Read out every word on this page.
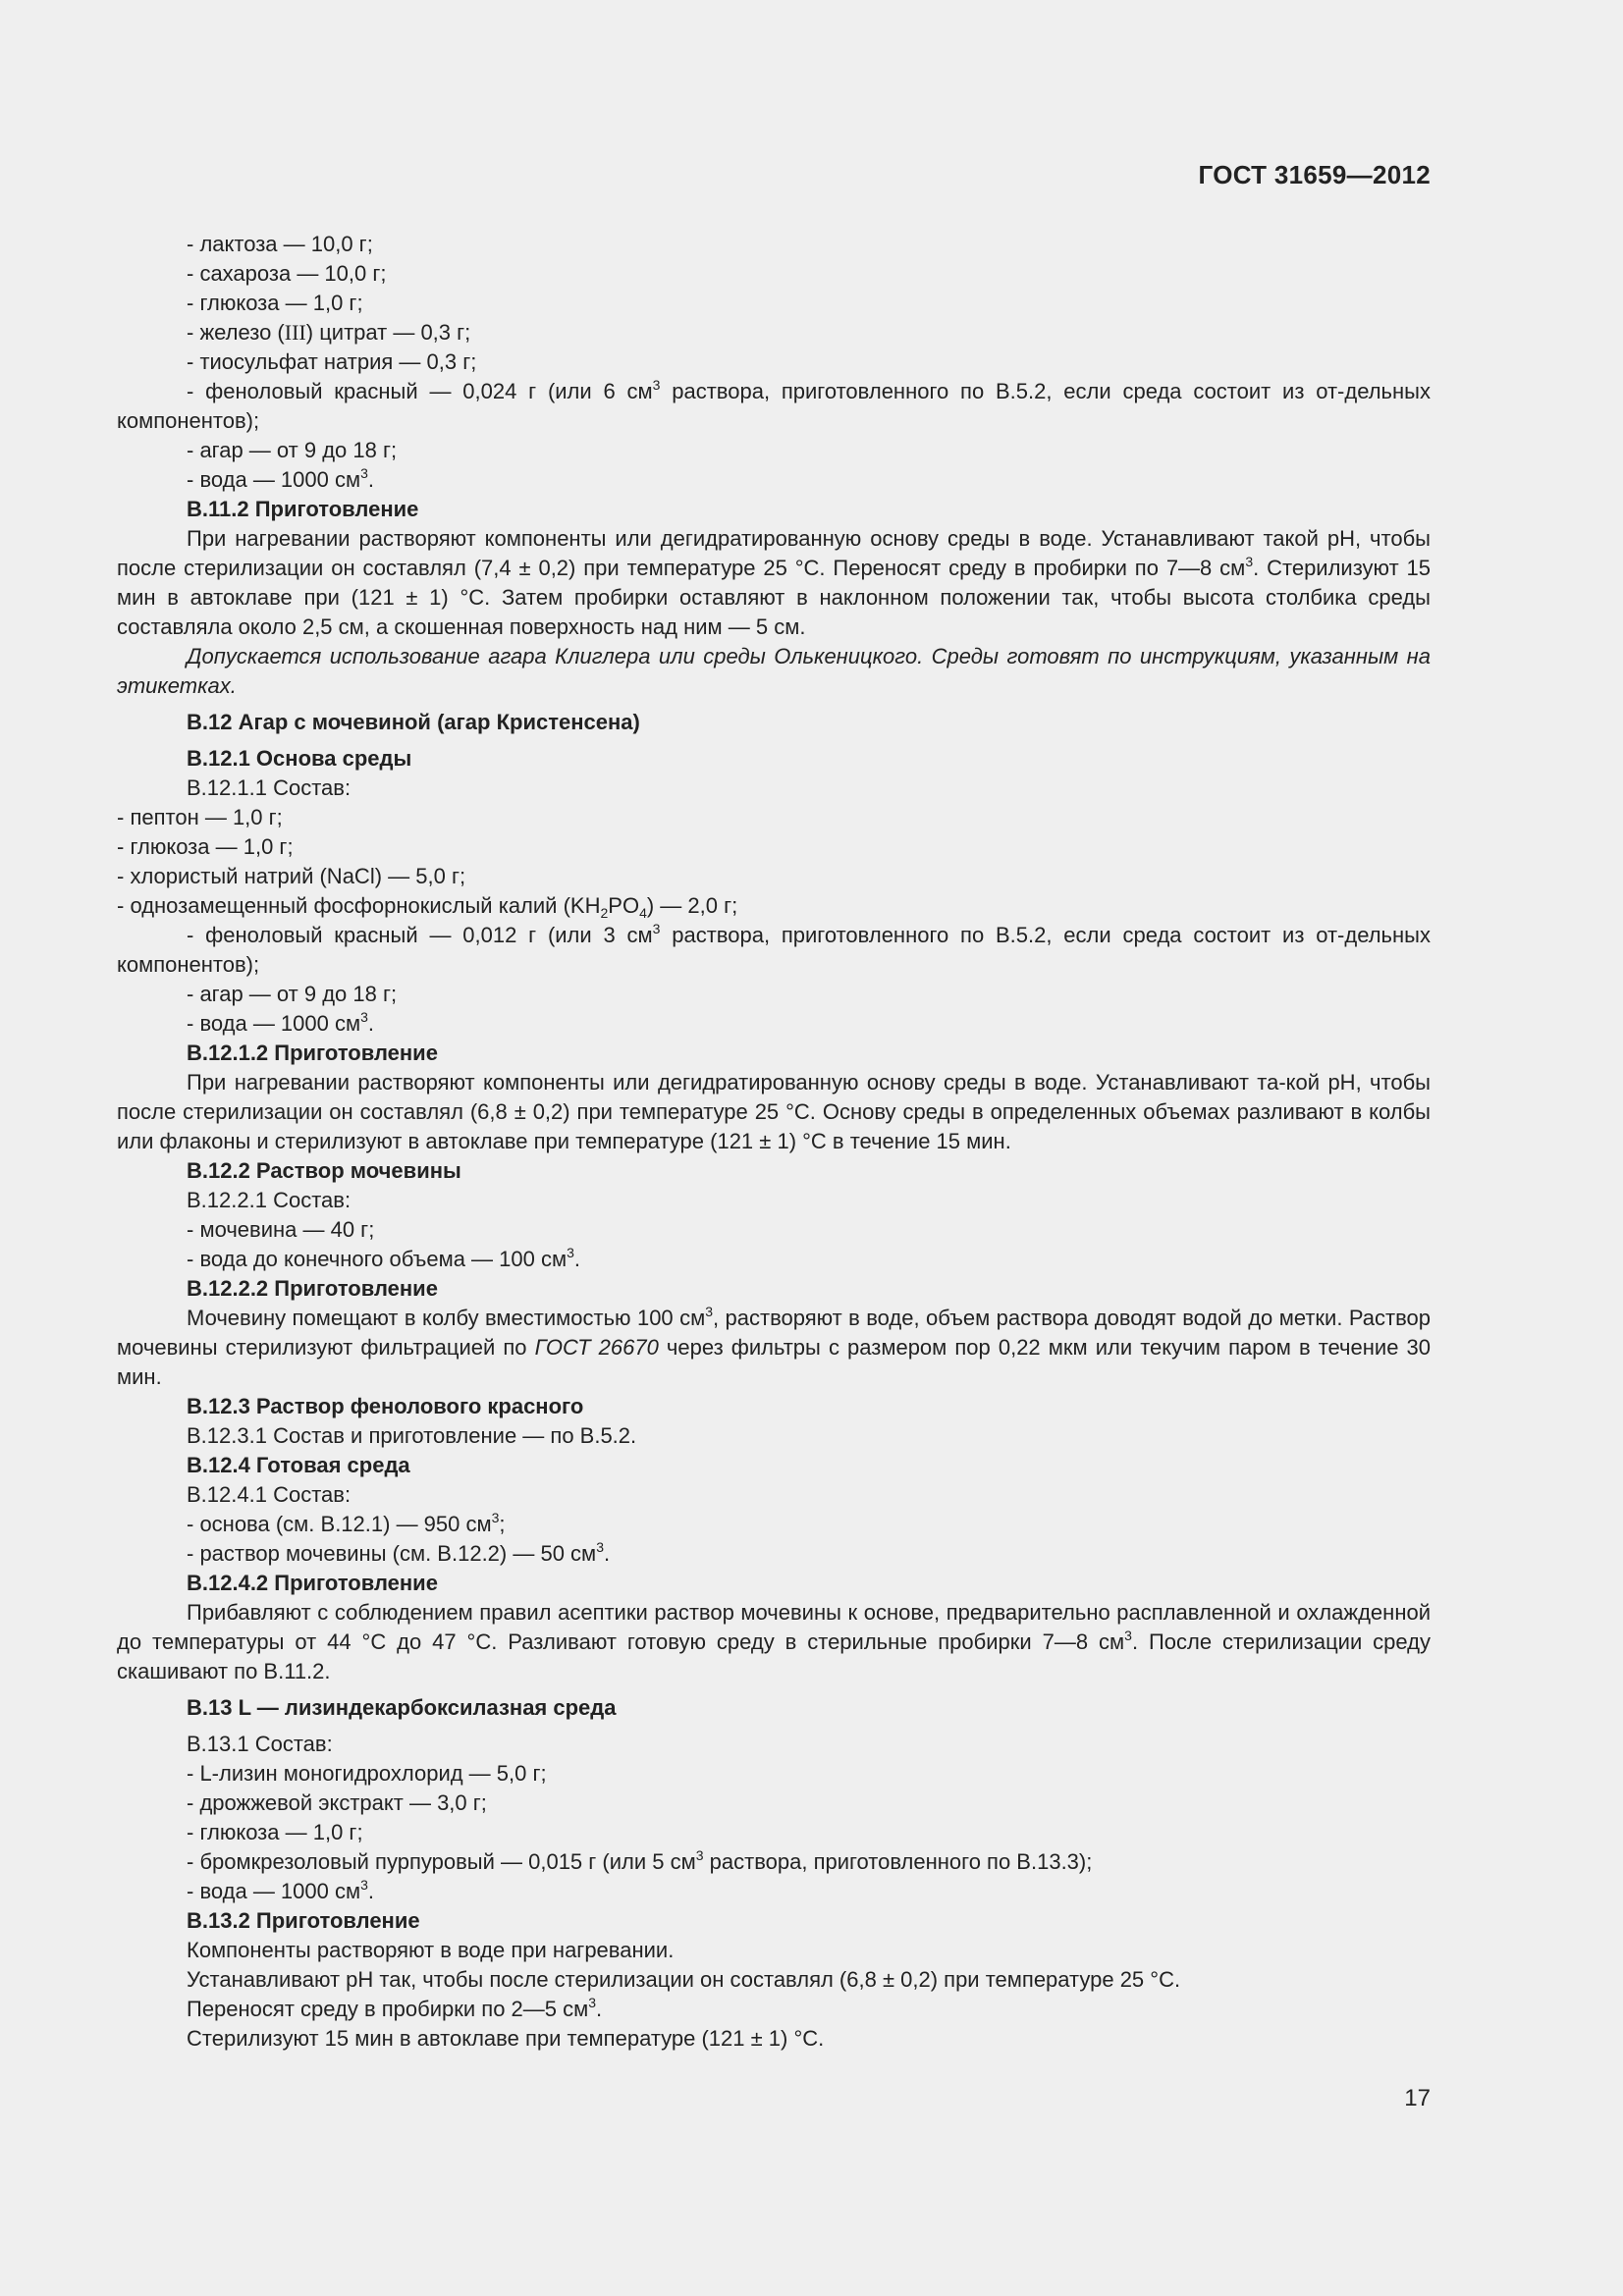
ГОСТ 31659—2012
- лактоза — 10,0 г;
- сахароза — 10,0 г;
- глюкоза — 1,0 г;
- железо (III) цитрат — 0,3 г;
- тиосульфат натрия — 0,3 г;
- феноловый красный — 0,024 г (или 6 $см^3$ раствора, приготовленного по В.5.2, если среда состоит из от-дельных компонентов);
- агар — от 9 до 18 г;
- вода — 1000 $см^3$.
В.11.2 Приготовление
При нагревании растворяют компоненты или дегидратированную основу среды в воде. Устанавливают такой pH, чтобы после стерилизации он составлял (7,4 ± 0,2) при температуре 25 °С. Переносят среду в пробирки по 7—8 $см^3$. Стерилизуют 15 мин в автоклаве при (121 ± 1) °С. Затем пробирки оставляют в наклонном положении так, чтобы высота столбика среды составляла около 2,5 см, а скошенная поверхность над ним — 5 см.
Допускается использование агара Клиглера или среды Олькеницкого. Среды готовят по инструкциям, указанным на этикетках.
В.12 Агар с мочевиной (агар Кристенсена)
В.12.1 Основа среды
В.12.1.1 Состав:
- пептон — 1,0 г;
- глюкоза — 1,0 г;
- хлористый натрий (NaCl) — 5,0 г;
- однозамещенный фосфорнокислый калий $(KH_2PO_4)$ — 2,0 г;
- феноловый красный — 0,012 г (или 3 $см^3$ раствора, приготовленного по В.5.2, если среда состоит из от-дельных компонентов);
- агар — от 9 до 18 г;
- вода — 1000 $см^3$.
В.12.1.2 Приготовление
При нагревании растворяют компоненты или дегидратированную основу среды в воде. Устанавливают та-кой pH, чтобы после стерилизации он составлял (6,8 ± 0,2) при температуре 25 °С. Основу среды в определенных объемах разливают в колбы или флаконы и стерилизуют в автоклаве при температуре (121 ± 1) °С в течение 15 мин.
В.12.2 Раствор мочевины
В.12.2.1 Состав:
- мочевина — 40 г;
- вода до конечного объема — 100 $см^3$.
В.12.2.2 Приготовление
Мочевину помещают в колбу вместимостью 100 $см^3$, растворяют в воде, объем раствора доводят водой до метки. Раствор мочевины стерилизуют фильтрацией по ГОСТ 26670 через фильтры с размером пор 0,22 мкм или текучим паром в течение 30 мин.
В.12.3 Раствор фенолового красного
В.12.3.1 Состав и приготовление — по В.5.2.
В.12.4 Готовая среда
В.12.4.1 Состав:
- основа (см. В.12.1) — 950 $см^3$;
- раствор мочевины (см. В.12.2) — 50 $см^3$.
В.12.4.2 Приготовление
Прибавляют с соблюдением правил асептики раствор мочевины к основе, предварительно расплавленной и охлажденной до температуры от 44 °С до 47 °С. Разливают готовую среду в стерильные пробирки 7—8 $см^3$. После стерилизации среду скашивают по В.11.2.
В.13 L — лизиндекарбоксилазная среда
В.13.1 Состав:
- L-лизин моногидрохлорид — 5,0 г;
- дрожжевой экстракт — 3,0 г;
- глюкоза — 1,0 г;
- бромкрезоловый пурпуровый — 0,015 г (или 5 $см^3$ раствора, приготовленного по В.13.3);
- вода — 1000 $см^3$.
В.13.2 Приготовление
Компоненты растворяют в воде при нагревании.
Устанавливают pH так, чтобы после стерилизации он составлял (6,8 ± 0,2) при температуре 25 °С.
Переносят среду в пробирки по 2—5 $см^3$.
Стерилизуют 15 мин в автоклаве при температуре (121 ± 1) °С.
17
